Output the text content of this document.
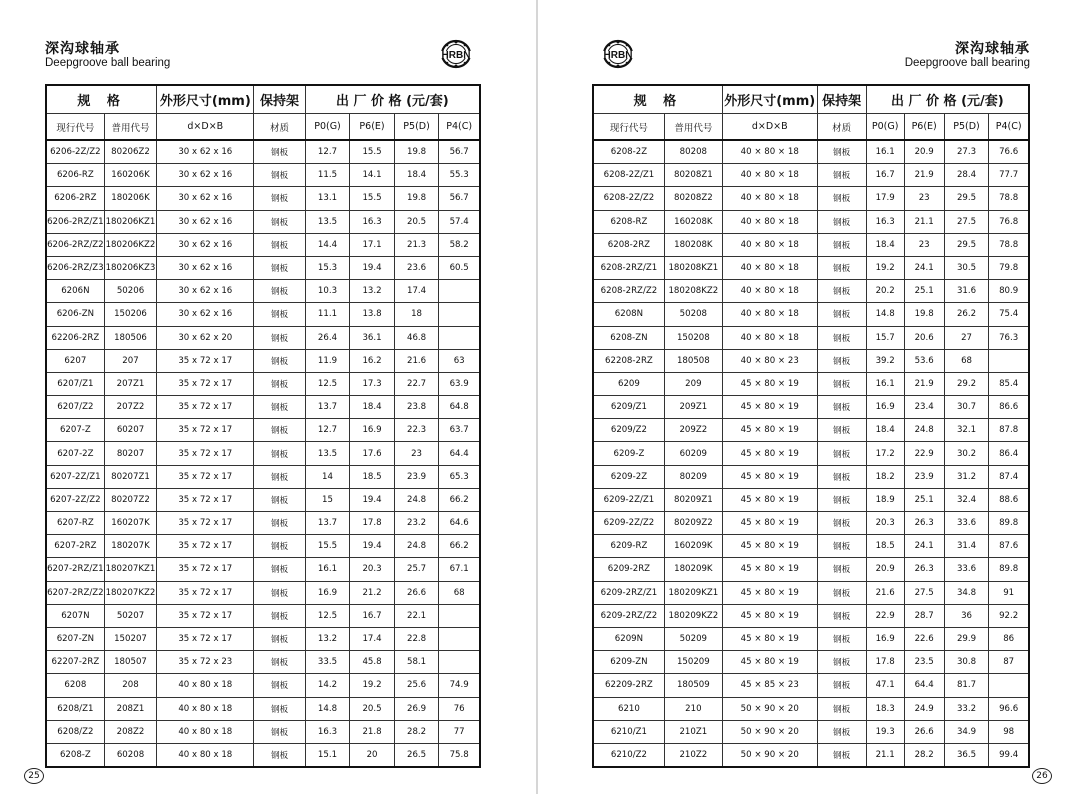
深沟球轴承
Deepgroove ball bearing
HRBN
规 格		外形尺寸(mm)	保持架	出 厂 价 格 (元/套)			
现行代号	普用代号	d×D×B	材质	P0(G)	P6(E)	P5(D)	P4(C)
6206-2Z/Z2	80206Z2	30 x 62 x 16	钢板	12.7	15.5	19.8	56.7
6206-RZ	160206K	30 x 62 x 16	钢板	11.5	14.1	18.4	55.3
6206-2RZ	180206K	30 x 62 x 16	钢板	13.1	15.5	19.8	56.7
6206-2RZ/Z1	180206KZ1	30 x 62 x 16	钢板	13.5	16.3	20.5	57.4
6206-2RZ/Z2	180206KZ2	30 x 62 x 16	钢板	14.4	17.1	21.3	58.2
6206-2RZ/Z3	180206KZ3	30 x 62 x 16	钢板	15.3	19.4	23.6	60.5
6206N	50206	30 x 62 x 16	钢板	10.3	13.2	17.4	
6206-ZN	150206	30 x 62 x 16	钢板	11.1	13.8	18	
62206-2RZ	180506	30 x 62 x 20	钢板	26.4	36.1	46.8	
6207	207	35 x 72 x 17	钢板	11.9	16.2	21.6	63
6207/Z1	207Z1	35 x 72 x 17	钢板	12.5	17.3	22.7	63.9
6207/Z2	207Z2	35 x 72 x 17	钢板	13.7	18.4	23.8	64.8
6207-Z	60207	35 x 72 x 17	钢板	12.7	16.9	22.3	63.7
6207-2Z	80207	35 x 72 x 17	钢板	13.5	17.6	23	64.4
6207-2Z/Z1	80207Z1	35 x 72 x 17	钢板	14	18.5	23.9	65.3
6207-2Z/Z2	80207Z2	35 x 72 x 17	钢板	15	19.4	24.8	66.2
6207-RZ	160207K	35 x 72 x 17	钢板	13.7	17.8	23.2	64.6
6207-2RZ	180207K	35 x 72 x 17	钢板	15.5	19.4	24.8	66.2
6207-2RZ/Z1	180207KZ1	35 x 72 x 17	钢板	16.1	20.3	25.7	67.1
6207-2RZ/Z2	180207KZ2	35 x 72 x 17	钢板	16.9	21.2	26.6	68
6207N	50207	35 x 72 x 17	钢板	12.5	16.7	22.1	
6207-ZN	150207	35 x 72 x 17	钢板	13.2	17.4	22.8	
62207-2RZ	180507	35 x 72 x 23	钢板	33.5	45.8	58.1	
6208	208	40 x 80 x 18	钢板	14.2	19.2	25.6	74.9
6208/Z1	208Z1	40 x 80 x 18	钢板	14.8	20.5	26.9	76
6208/Z2	208Z2	40 x 80 x 18	钢板	16.3	21.8	28.2	77
6208-Z	60208	40 x 80 x 18	钢板	15.1	20	26.5	75.8
25
HRBN	深沟球轴承
Deepgroove ball bearing
规 格		外形尺寸(mm)	保持架	出 厂 价 格 (元/套)			
现行代号	普用代号	d×D×B	材质	P0(G)	P6(E)	P5(D)	P4(C)
6208-2Z	80208	40 × 80 × 18	钢板	16.1	20.9	27.3	76.6
6208-2Z/Z1	80208Z1	40 × 80 × 18	钢板	16.7	21.9	28.4	77.7
6208-2Z/Z2	80208Z2	40 × 80 × 18	钢板	17.9	23	29.5	78.8
6208-RZ	160208K	40 × 80 × 18	钢板	16.3	21.1	27.5	76.8
6208-2RZ	180208K	40 × 80 × 18	钢板	18.4	23	29.5	78.8
6208-2RZ/Z1	180208KZ1	40 × 80 × 18	钢板	19.2	24.1	30.5	79.8
6208-2RZ/Z2	180208KZ2	40 × 80 × 18	钢板	20.2	25.1	31.6	80.9
6208N	50208	40 × 80 × 18	钢板	14.8	19.8	26.2	75.4
6208-ZN	150208	40 × 80 × 18	钢板	15.7	20.6	27	76.3
62208-2RZ	180508	40 × 80 × 23	钢板	39.2	53.6	68	
6209	209	45 × 80 × 19	钢板	16.1	21.9	29.2	85.4
6209/Z1	209Z1	45 × 80 × 19	钢板	16.9	23.4	30.7	86.6
6209/Z2	209Z2	45 × 80 × 19	钢板	18.4	24.8	32.1	87.8
6209-Z	60209	45 × 80 × 19	钢板	17.2	22.9	30.2	86.4
6209-2Z	80209	45 × 80 × 19	钢板	18.2	23.9	31.2	87.4
6209-2Z/Z1	80209Z1	45 × 80 × 19	钢板	18.9	25.1	32.4	88.6
6209-2Z/Z2	80209Z2	45 × 80 × 19	钢板	20.3	26.3	33.6	89.8
6209-RZ	160209K	45 × 80 × 19	钢板	18.5	24.1	31.4	87.6
6209-2RZ	180209K	45 × 80 × 19	钢板	20.9	26.3	33.6	89.8
6209-2RZ/Z1	180209KZ1	45 × 80 × 19	钢板	21.6	27.5	34.8	91
6209-2RZ/Z2	180209KZ2	45 × 80 × 19	钢板	22.9	28.7	36	92.2
6209N	50209	45 × 80 × 19	钢板	16.9	22.6	29.9	86
6209-ZN	150209	45 × 80 × 19	钢板	17.8	23.5	30.8	87
62209-2RZ	180509	45 × 85 × 23	钢板	47.1	64.4	81.7	
6210	210	50 × 90 × 20	钢板	18.3	24.9	33.2	96.6
6210/Z1	210Z1	50 × 90 × 20	钢板	19.3	26.6	34.9	98
6210/Z2	210Z2	50 × 90 × 20	钢板	21.1	28.2	36.5	99.4
26
